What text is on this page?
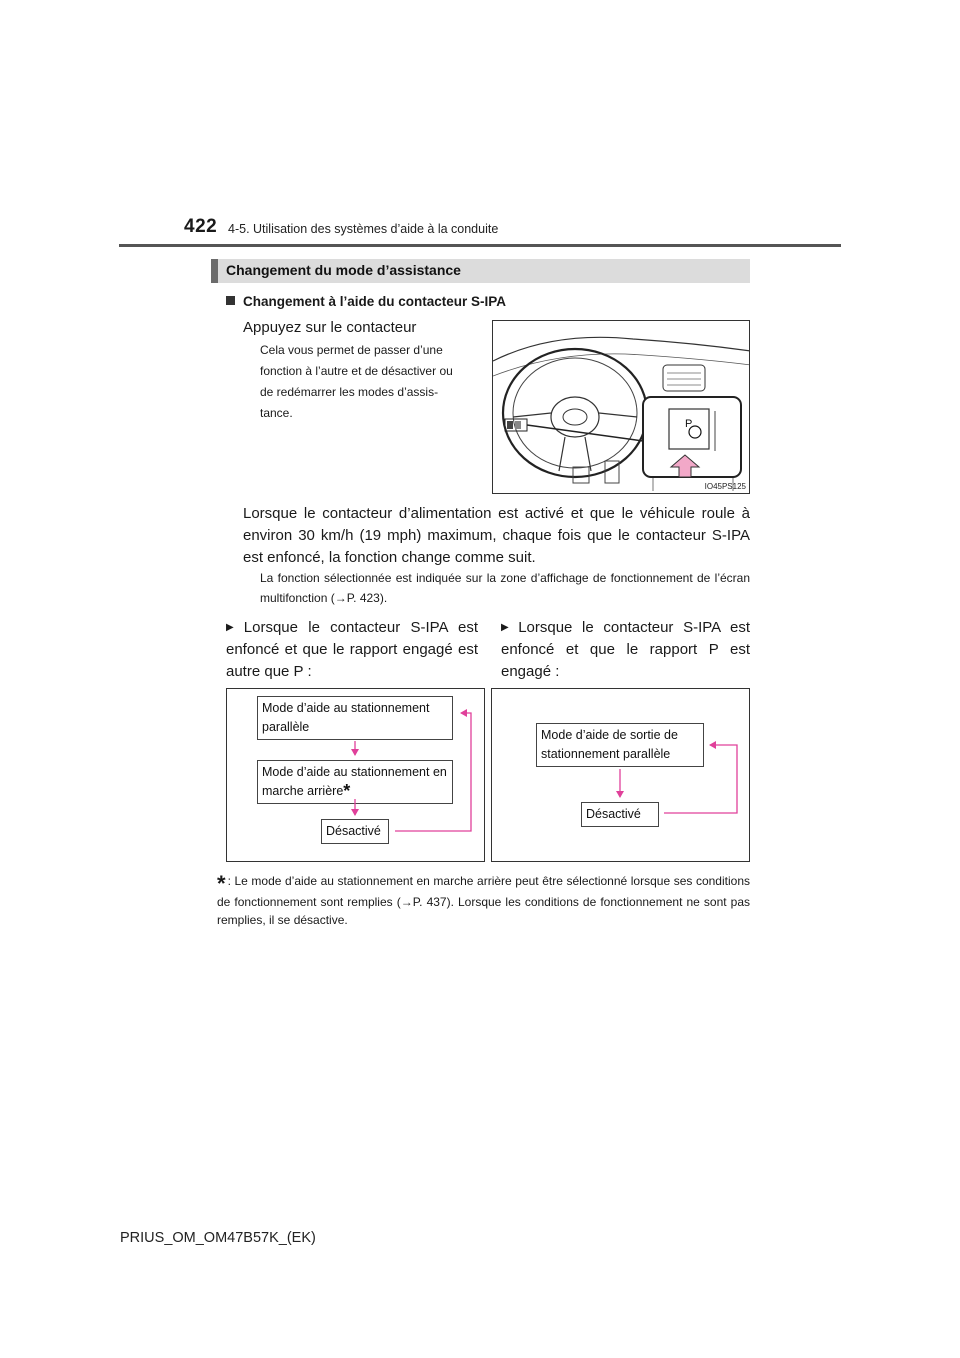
422 4-5. Utilisation des systèmes d’aide à la conduite
Changement du mode d’assistance
Changement à l’aide du contacteur S-IPA
Appuyez sur le contacteur
Cela vous permet de passer d’une
fonction à l’autre et de désactiver ou
de redémarrer les modes d’assis-
tance.
P
IO45PS125
Lorsque le contacteur d’alimentation est activé et que le véhicule roule à environ 30 km/h (19 mph) maximum, chaque fois que le contacteur S-IPA est enfoncé, la fonction change comme suit.
La fonction sélectionnée est indiquée sur la zone d’affichage de fonctionnement de l’écran multifonction (→P. 423).
▶ Lorsque le contacteur S-IPA est enfoncé et que le rapport engagé est autre que P :
▶ Lorsque le contacteur S-IPA est enfoncé et que le rapport P est engagé :
Mode d’aide au stationnement parallèle
Mode d’aide au stationnement en marche arrière*
Désactivé
Mode d’aide de sortie de stationnement parallèle
Désactivé
* : Le mode d’aide au stationnement en marche arrière peut être sélectionné lorsque ses conditions de fonctionnement sont remplies (→P. 437). Lorsque les conditions de fonctionnement ne sont pas remplies, il se désactive.
PRIUS_OM_OM47B57K_(EK)
